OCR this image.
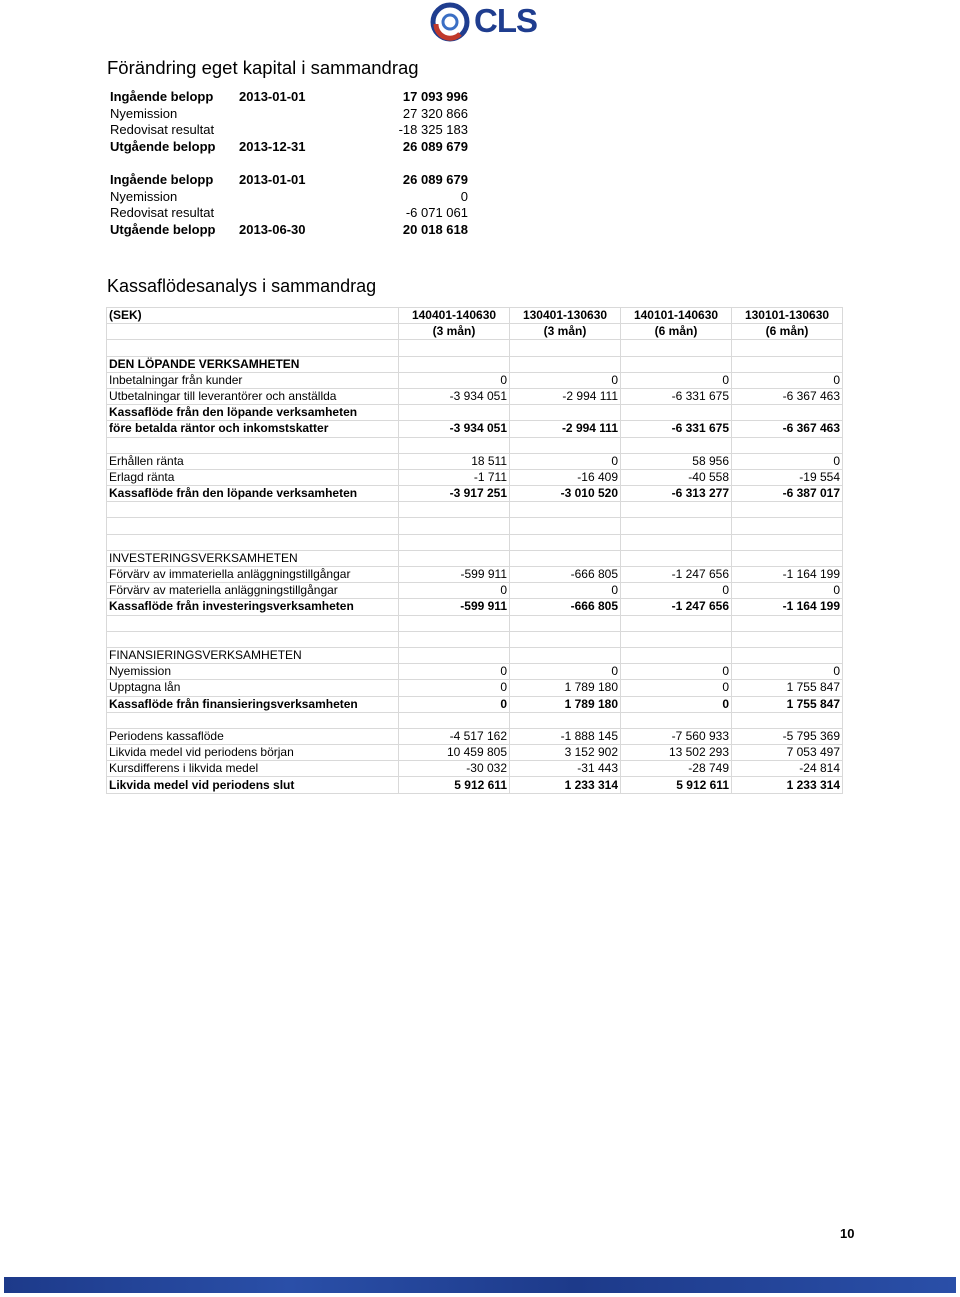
CLS
Förändring eget kapital i sammandrag
Ingående belopp 2013-01-01	17 093 996
Nyemission	27 320 866
Redovisat resultat	-18 325 183
Utgående belopp 2013-12-31	26 089 679
Ingående belopp 2013-01-01	26 089 679
Nyemission	0
Redovisat resultat	-6 071 061
Utgående belopp 2013-06-30	20 018 618
Kassaflödesanalys i sammandrag
(SEK)	140401-140630	130401-130630	140101-140630	130101-130630
	(3 mån)	(3 mån)	(6 mån)	(6 mån)

DEN LÖPANDE VERKSAMHETEN				
Inbetalningar från kunder	0	0	0	0
Utbetalningar till leverantörer och anställda	-3 934 051	-2 994 111	-6 331 675	-6 367 463
Kassaflöde från den löpande verksamheten				
före betalda räntor och inkomstskatter	-3 934 051	-2 994 111	-6 331 675	-6 367 463

Erhållen ränta	18 511	0	58 956	0
Erlagd ränta	-1 711	-16 409	-40 558	-19 554
Kassaflöde från den löpande verksamheten	-3 917 251	-3 010 520	-6 313 277	-6 387 017

INVESTERINGSVERKSAMHETEN				
Förvärv av immateriella anläggningstillgångar	-599 911	-666 805	-1 247 656	-1 164 199
Förvärv av materiella anläggningstillgångar	0	0	0	0
Kassaflöde från investeringsverksamheten	-599 911	-666 805	-1 247 656	-1 164 199

FINANSIERINGSVERKSAMHETEN				
Nyemission	0	0	0	0
Upptagna lån	0	1 789 180	0	1 755 847
Kassaflöde från finansieringsverksamheten	0	1 789 180	0	1 755 847

Periodens kassaflöde	-4 517 162	-1 888 145	-7 560 933	-5 795 369
Likvida medel vid periodens början	10 459 805	3 152 902	13 502 293	7 053 497
Kursdifferens i likvida medel	-30 032	-31 443	-28 749	-24 814
Likvida medel vid periodens slut	5 912 611	1 233 314	5 912 611	1 233 314
10
